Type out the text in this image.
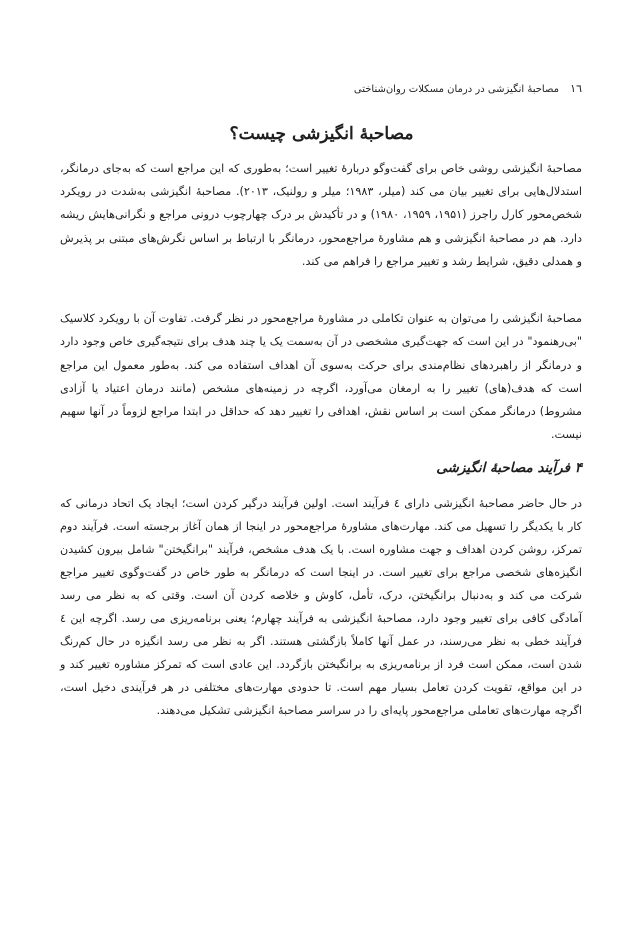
١٦ مصاحبهٔ انگیزشی در درمان مسکلات روان‌شناختی
مصاحبهٔ انگیزشی چیست؟

مصاحبهٔ انگیزشی روشی خاص برای گفت‌وگو دربارهٔ تغییر است؛ به‌طوری که این مراجع است که به‌جای درمانگر، استدلال‌هایی برای تغییر بیان می کند (میلر، ۱۹۸۳؛ میلر و رولنیک، ۲۰۱۳). مصاحبهٔ انگیزشی به‌شدت در رویکرد شخص‌محور کارل راجرز (۱۹۵۱، ۱۹۵۹، ۱۹۸۰) و در تأکیدش بر درک چهارچوب درونی مراجع و نگرانی‌هایش ریشه دارد. هم در مصاحبهٔ انگیزشی و هم مشاورهٔ مراجع‌محور، درمانگر با ارتباط بر اساس نگرش‌های مبتنی بر پذیرش و همدلی دقیق، شرایط رشد و تغییر مراجع را فراهم می کند.

مصاحبهٔ انگیزشی را می‌توان به عنوان تکاملی در مشاورهٔ مراجع‌محور در نظر گرفت. تفاوت آن با رویکرد کلاسیک "بی‌رهنمود" در این است که جهت‌گیری مشخصی در آن به‌سمت یک یا چند هدف برای نتیجه‌گیری خاص وجود دارد و درمانگر از راهبردهای نظام‌مندی برای حرکت به‌سوی آن اهداف استفاده می کند. به‌طور معمول این مراجع است که هدف(های) تغییر را به ارمغان می‌آورد، اگرچه در زمینه‌های مشخص (مانند درمان اعتیاد یا آزادی مشروط) درمانگر ممکن است بر اساس نقش، اهدافی را تغییر دهد که حداقل در ابتدا مراجع لزوماً در آنها سهیم نیست.

۴ فرآیند مصاحبهٔ انگیزشی

در حال حاضر مصاحبهٔ انگیزشی دارای ٤ فرآیند است. اولین فرآیند درگیر کردن است؛ ایجاد یک اتحاد درمانی که کار با یکدیگر را تسهیل می کند. مهارت‌های مشاورهٔ مراجع‌محور در اینجا از همان آغاز برجسته است. فرآیند دوم تمرکز، روشن کردن اهداف و جهت مشاوره است. با یک هدف مشخص، فرآیند "برانگیختن" شامل بیرون کشیدن انگیزه‌های شخصی مراجع برای تغییر است. در اینجا است که درمانگر به طور خاص در گفت‌وگوی تغییر مراجع شرکت می کند و به‌دنبال برانگیختن، درک، تأمل، کاوش و خلاصه کردن آن است. وقتی که به نظر می رسد آمادگی کافی برای تغییر وجود دارد، مصاحبهٔ انگیزشی به فرآیند چهارم؛ یعنی برنامه‌ریزی می رسد. اگرچه این ٤ فرآیند خطی به نظر می‌رسند، در عمل آنها کاملاً بازگشتی هستند. اگر به نظر می رسد انگیزه در حال کم‌رنگ شدن است، ممکن است فرد از برنامه‌ریزی به برانگیختن بازگردد. این عادی است که تمرکز مشاوره تغییر کند و در این مواقع، تقویت کردن تعامل بسیار مهم است. تا حدودی مهارت‌های مختلفی در هر فرآیندی دخیل است، اگرچه مهارت‌های تعاملی مراجع‌محور پایه‌ای را در سراسر مصاحبهٔ انگیزشی تشکیل می‌دهند.
